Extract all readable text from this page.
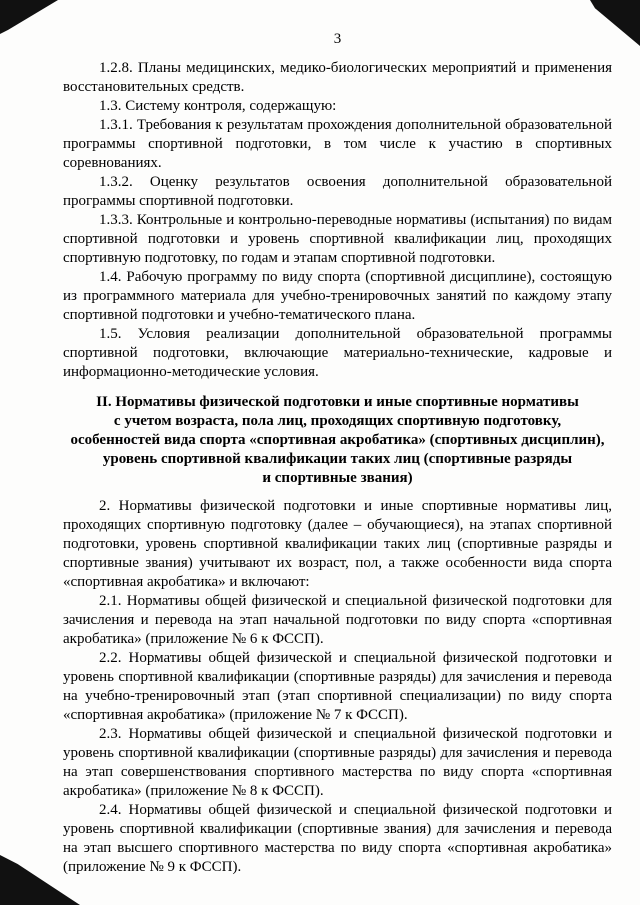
3

1.2.8. Планы медицинских, медико-биологических мероприятий и применения восстановительных средств.

1.3. Систему контроля, содержащую:

1.3.1. Требования к результатам прохождения дополнительной образовательной программы спортивной подготовки, в том числе к участию в спортивных соревнованиях.

1.3.2. Оценку результатов освоения дополнительной образовательной программы спортивной подготовки.

1.3.3. Контрольные и контрольно-переводные нормативы (испытания) по видам спортивной подготовки и уровень спортивной квалификации лиц, проходящих спортивную подготовку, по годам и этапам спортивной подготовки.

1.4. Рабочую программу по виду спорта (спортивной дисциплине), состоящую из программного материала для учебно-тренировочных занятий по каждому этапу спортивной подготовки и учебно-тематического плана.

1.5. Условия реализации дополнительной образовательной программы спортивной подготовки, включающие материально-технические, кадровые и информационно-методические условия.

II. Нормативы физической подготовки и иные спортивные нормативы
с учетом возраста, пола лиц, проходящих спортивную подготовку,
особенностей вида спорта «спортивная акробатика» (спортивных дисциплин),
уровень спортивной квалификации таких лиц (спортивные разряды
и спортивные звания)

2. Нормативы физической подготовки и иные спортивные нормативы лиц, проходящих спортивную подготовку (далее – обучающиеся), на этапах спортивной подготовки, уровень спортивной квалификации таких лиц (спортивные разряды и спортивные звания) учитывают их возраст, пол, а также особенности вида спорта «спортивная акробатика» и включают:

2.1. Нормативы общей физической и специальной физической подготовки для зачисления и перевода на этап начальной подготовки по виду спорта «спортивная акробатика» (приложение № 6 к ФССП).

2.2. Нормативы общей физической и специальной физической подготовки и уровень спортивной квалификации (спортивные разряды) для зачисления и перевода на учебно-тренировочный этап (этап спортивной специализации) по виду спорта «спортивная акробатика» (приложение № 7 к ФССП).

2.3. Нормативы общей физической и специальной физической подготовки и уровень спортивной квалификации (спортивные разряды) для зачисления и перевода на этап совершенствования спортивного мастерства по виду спорта «спортивная акробатика» (приложение № 8 к ФССП).

2.4. Нормативы общей физической и специальной физической подготовки и уровень спортивной квалификации (спортивные звания) для зачисления и перевода на этап высшего спортивного мастерства по виду спорта «спортивная акробатика» (приложение № 9 к ФССП).
